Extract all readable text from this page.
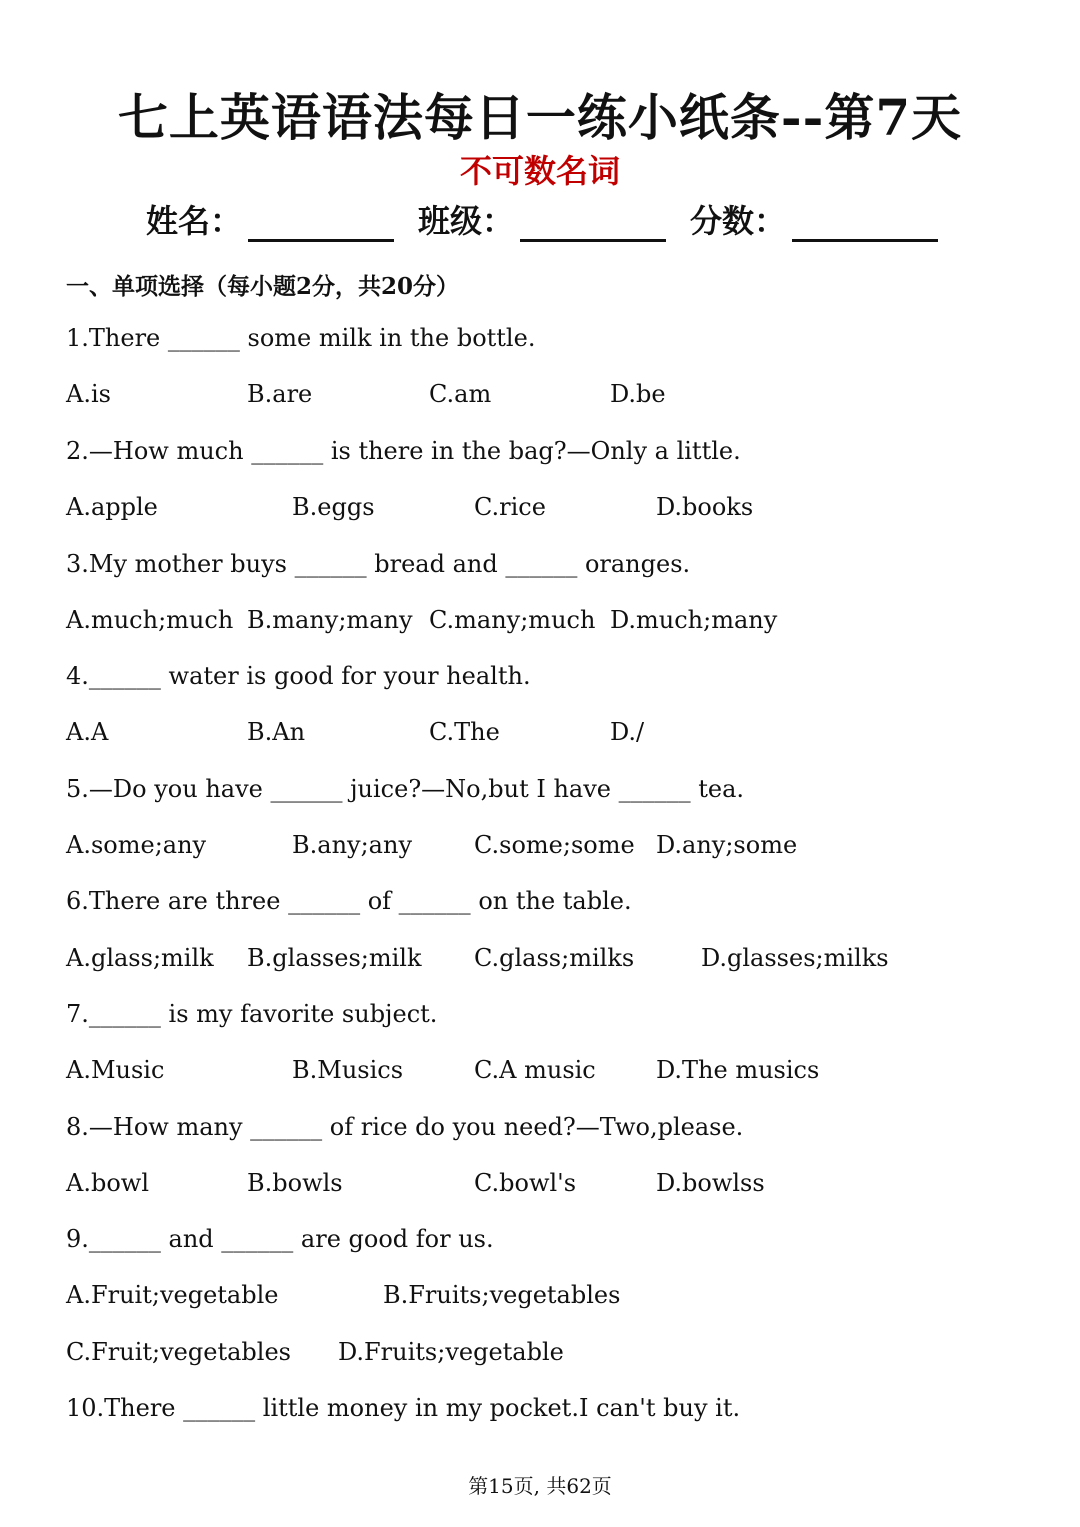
七上英语语法每日一练小纸条--第7天
不可数名词
姓名：	班级：	分数：
一、单项选择（每小题2分，共20分）
1.There ______ some milk in the bottle.
A.is	B.are	C.am	D.be
2.—How much ______ is there in the bag?—Only a little.
A.apple	B.eggs	C.rice	D.books
3.My mother buys ______ bread and ______ oranges.
A.much;much B.many;many C.many;much D.much;many
4.______ water is good for your health.
A.A	B.An	C.The	D./
5.—Do you have ______ juice?—No,but I have ______ tea.
A.some;any	B.any;any	C.some;some D.any;some
6.There are three ______ of ______ on the table.
A.glass;milk B.glasses;milk C.glass;milks	D.glasses;milks
7.______ is my favorite subject.
A.Music	B.Musics	C.A music	D.The musics
8.—How many ______ of rice do you need?—Two,please.
A.bowl	B.bowls	C.bowl's	D.bowlss
9.______ and ______ are good for us.
A.Fruit;vegetable	B.Fruits;vegetables
C.Fruit;vegetables D.Fruits;vegetable
10.There ______ little money in my pocket.I can't buy it.
第15页, 共62页
